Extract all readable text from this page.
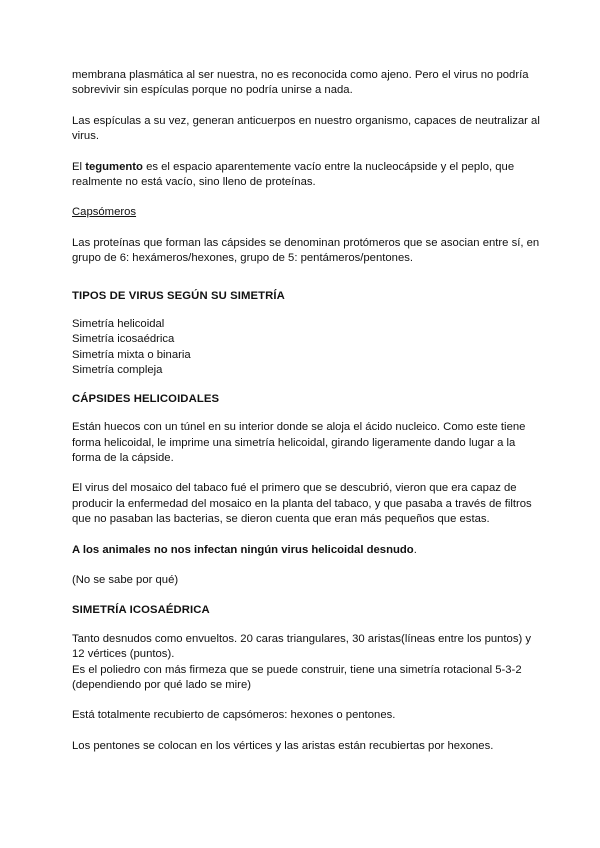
membrana plasmática al ser nuestra, no es reconocida como ajeno. Pero el virus no podría sobrevivir sin espículas porque no podría unirse a nada.

Las espículas a su vez, generan anticuerpos en nuestro organismo, capaces de neutralizar al virus.

El tegumento es el espacio aparentemente vacío entre la nucleocápside y el peplo, que realmente no está vacío, sino lleno de proteínas.

Capsómeros

Las proteínas que forman las cápsides se denominan protómeros que se asocian entre sí, en grupo de 6: hexámeros/hexones, grupo de 5: pentámeros/pentones.

TIPOS DE VIRUS SEGÚN SU SIMETRÍA

Simetría helicoidal
Simetría icosaédrica
Simetría mixta o binaria
Simetría compleja

CÁPSIDES HELICOIDALES

Están huecos con un túnel en su interior donde se aloja el ácido nucleico. Como este tiene forma helicoidal, le imprime una simetría helicoidal, girando ligeramente dando lugar a la forma de la cápside.

El virus del mosaico del tabaco fué el primero que se descubrió, vieron que era capaz de producir la enfermedad del mosaico en la planta del tabaco, y que pasaba a través de filtros que no pasaban las bacterias, se dieron cuenta que eran más pequeños que estas.

A los animales no nos infectan ningún virus helicoidal desnudo.

(No se sabe por qué)

SIMETRÍA ICOSAÉDRICA

Tanto desnudos como envueltos. 20 caras triangulares, 30 aristas(líneas entre los puntos) y 12 vértices (puntos).
Es el poliedro con más firmeza que se puede construir, tiene una simetría rotacional 5-3-2 (dependiendo por qué lado se mire)

Está totalmente recubierto de capsómeros: hexones o pentones.

Los pentones se colocan en los vértices y las aristas están recubiertas por hexones.
